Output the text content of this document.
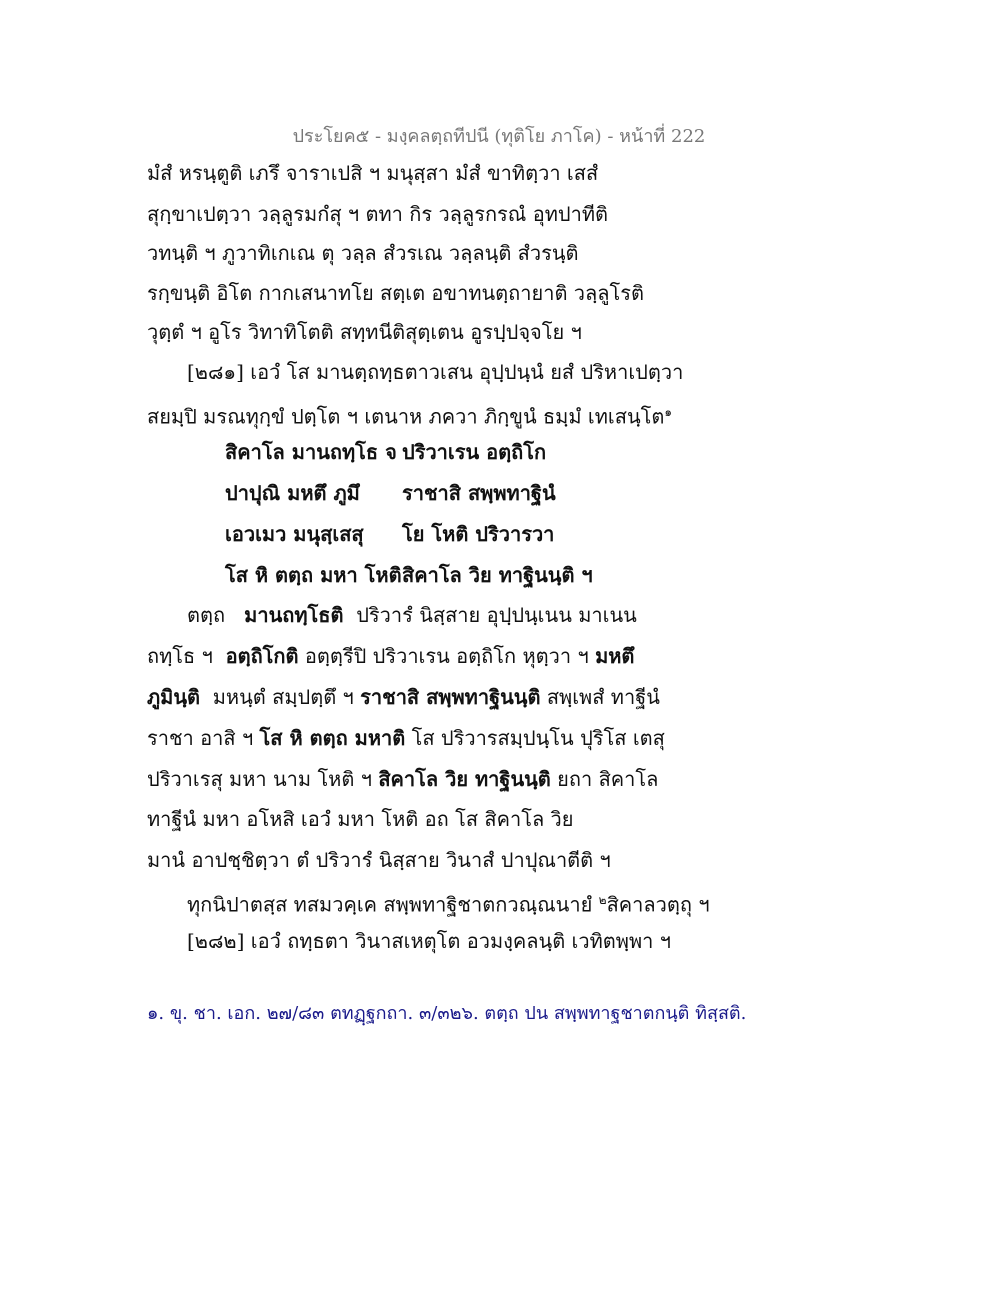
ประโยค๕ - มงฺคลตฺถทีปนี (ทุติโย ภาโค) - หน้าที่ 222
มํสํ หรนฺตูติ เภรึ จาราเปสิ ฯ มนุสฺสา มํสํ ขาทิตฺวา เสสํ
สุกฺขาเปตฺวา วลฺลูรมกํสุ ฯ ตทา กิร วลฺลูรกรณํ อุทปาทีติ
วทนฺติ ฯ ภูวาทิเกเณ ตุ วลฺล สํวรเณ วลฺลนฺติ สํวรนฺติ
รกฺขนฺติ อิโต กากเสนาทโย สตฺเต อขาทนตฺถายาติ วลฺลูโรติ
วุตฺตํ ฯ อูโร วิทาทิโตติ สทฺทนีติสุตฺเตน อูรปฺปจฺจโย ฯ
[๒๘๑] เอวํ โส มานตฺถทฺธตาวเสน อุปฺปนฺนํ ยสํ ปริหาเปตฺวา
สยมฺปิ มรณทุกฺขํ ปตฺโต ฯ เตนาห ภควา ภิกฺขูนํ ธมฺมํ เทเสนฺโต$^๑$
สิคาโล มานถทฺโธ จ ปริวาเรน อตฺถิโก
ปาปุณิ มหตึ ภูมึ ราชาสิ สพฺพทาฐินํ
เอวเมว มนุสฺเสสุ โย โหติ ปริวารวา
โส หิ ตตฺถ มหา โหติ สิคาโล วิย ทาฐินนฺติ ฯ
ตตฺถ มานถทฺโธติ ปริวารํ นิสฺสาย อุปฺปนฺเนน มาเนน
ถทฺโธ ฯ อตฺถิโกติ อตฺตฺรีปิ ปริวาเรน อตฺถิโก หุตฺวา ฯ มหตึ
ภูมินฺติ มหนฺตํ สมฺปตฺตึ ฯ ราชาสิ สพฺพทาฐินนฺติ สพฺเพสํ ทาฐีนํ
ราชา อาสิ ฯ โส หิ ตตฺถ มหาติ โส ปริวารสมฺปนฺโน ปุริโส เตสุ
ปริวาเรสุ มหา นาม โหติ ฯ สิคาโล วิย ทาฐินนฺติ ยถา สิคาโล
ทาฐีนํ มหา อโหสิ เอวํ มหา โหติ อถ โส สิคาโล วิย
มานํ อาปชฺชิตฺวา ตํ ปริวารํ นิสฺสาย วินาสํ ปาปุณาตีติ ฯ
ทุกนิปาตสฺส ทสมวคฺเค สพฺพทาฐิชาตกวณฺณนายํ $^๒$สิคาลวตฺถุ ฯ
[๒๘๒] เอวํ ถทฺธตา วินาสเหตุโต อวมงฺคลนฺติ เวทิตพฺพา ฯ
๑. ขุ. ชา. เอก. ๒๗/๘๓ ตทฏฺฐกถา. ๓/๓๒๖. ตตฺถ ปน สพฺพทาฐชาตกนฺติ ทิสฺสติ.
